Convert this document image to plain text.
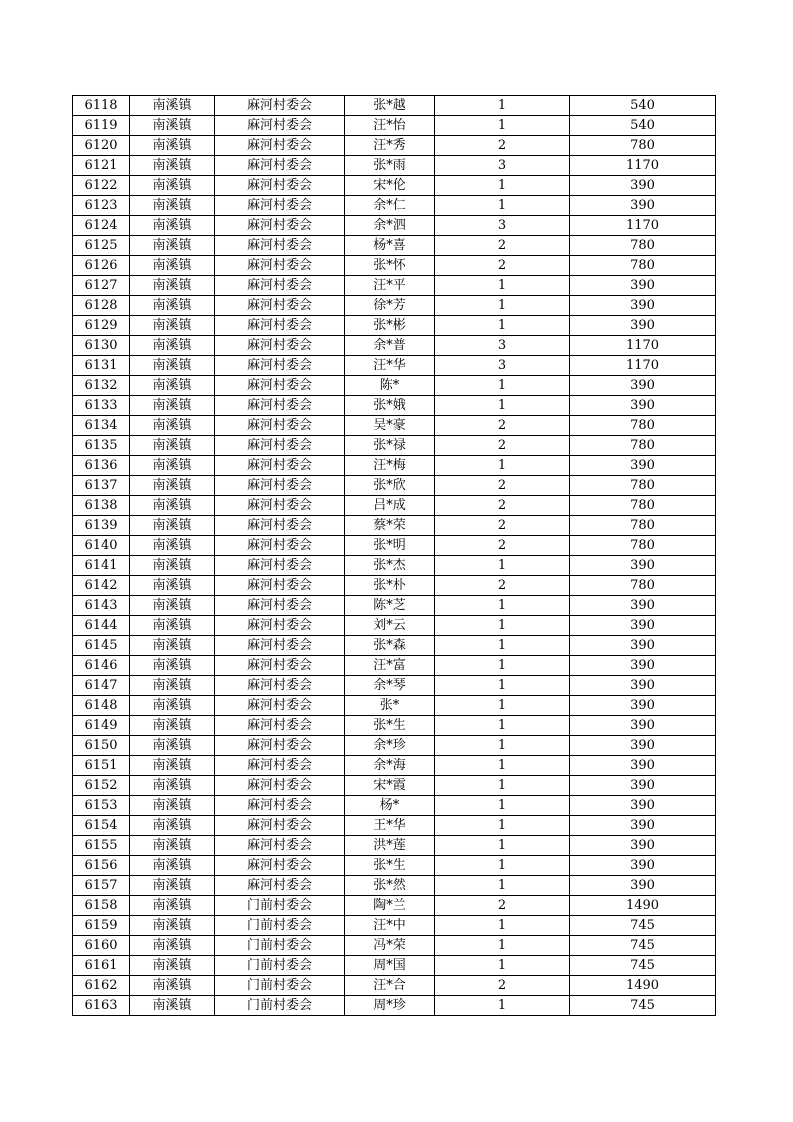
6118	南溪镇	麻河村委会	张*越	1	540
6119	南溪镇	麻河村委会	汪*怡	1	540
6120	南溪镇	麻河村委会	汪*秀	2	780
6121	南溪镇	麻河村委会	张*雨	3	1170
6122	南溪镇	麻河村委会	宋*伦	1	390
6123	南溪镇	麻河村委会	余*仁	1	390
6124	南溪镇	麻河村委会	余*泗	3	1170
6125	南溪镇	麻河村委会	杨*喜	2	780
6126	南溪镇	麻河村委会	张*怀	2	780
6127	南溪镇	麻河村委会	汪*平	1	390
6128	南溪镇	麻河村委会	徐*芳	1	390
6129	南溪镇	麻河村委会	张*彬	1	390
6130	南溪镇	麻河村委会	余*普	3	1170
6131	南溪镇	麻河村委会	汪*华	3	1170
6132	南溪镇	麻河村委会	陈*	1	390
6133	南溪镇	麻河村委会	张*娥	1	390
6134	南溪镇	麻河村委会	吴*豪	2	780
6135	南溪镇	麻河村委会	张*禄	2	780
6136	南溪镇	麻河村委会	汪*梅	1	390
6137	南溪镇	麻河村委会	张*欣	2	780
6138	南溪镇	麻河村委会	吕*成	2	780
6139	南溪镇	麻河村委会	蔡*荣	2	780
6140	南溪镇	麻河村委会	张*明	2	780
6141	南溪镇	麻河村委会	张*杰	1	390
6142	南溪镇	麻河村委会	张*朴	2	780
6143	南溪镇	麻河村委会	陈*芝	1	390
6144	南溪镇	麻河村委会	刘*云	1	390
6145	南溪镇	麻河村委会	张*森	1	390
6146	南溪镇	麻河村委会	汪*富	1	390
6147	南溪镇	麻河村委会	余*琴	1	390
6148	南溪镇	麻河村委会	张*	1	390
6149	南溪镇	麻河村委会	张*生	1	390
6150	南溪镇	麻河村委会	余*珍	1	390
6151	南溪镇	麻河村委会	余*海	1	390
6152	南溪镇	麻河村委会	宋*霞	1	390
6153	南溪镇	麻河村委会	杨*	1	390
6154	南溪镇	麻河村委会	王*华	1	390
6155	南溪镇	麻河村委会	洪*莲	1	390
6156	南溪镇	麻河村委会	张*生	1	390
6157	南溪镇	麻河村委会	张*然	1	390
6158	南溪镇	门前村委会	陶*兰	2	1490
6159	南溪镇	门前村委会	汪*中	1	745
6160	南溪镇	门前村委会	冯*荣	1	745
6161	南溪镇	门前村委会	周*国	1	745
6162	南溪镇	门前村委会	汪*合	2	1490
6163	南溪镇	门前村委会	周*珍	1	745
